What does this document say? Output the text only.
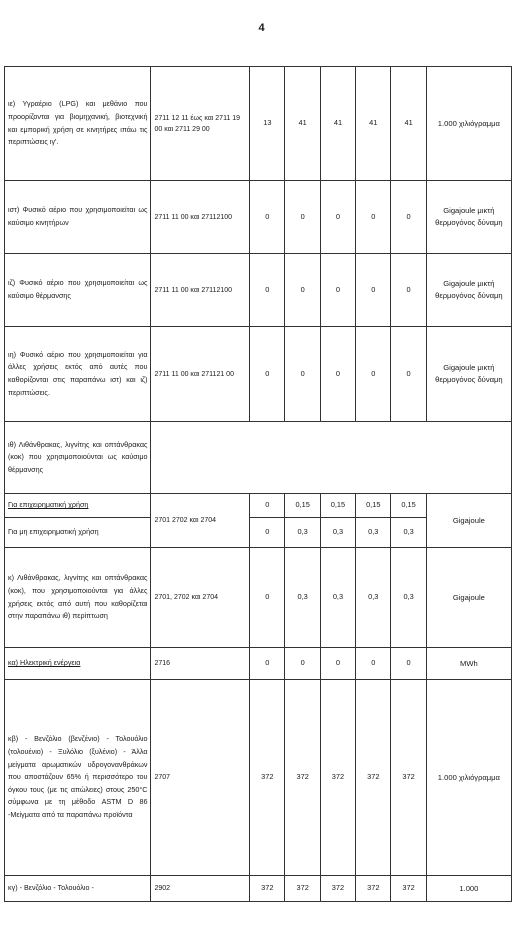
4
ιε) Υγραέριο (LPG) και μεθάνιο που προορίζονται για βιομηχανική, βιοτεχνική και εμπορική χρήση σε κινητήρες ιπάω τις περιπτώσεις ιγ'.	2711 12 11 έως και 2711 19 00 και 2711 29 00	13	41	41	41	41	1.000 χιλιόγραμμα
ιστ) Φυσικό αέριο που χρησιμοποιείται ως καύσιμο κινητήρων	2711 11 00 και 27112100	0	0	0	0	0	Gigajoule μικτή θερμογόνος δύναμη
ιζ) Φυσικό αέριο που χρησιμοποιείται ως καύσιμο θέρμανσης	2711 11 00 και 27112100	0	0	0	0	0	Gigajoule μικτή θερμογόνος δύναμη
ιη) Φυσικό αέριο που χρησιμοποιείται για άλλες χρήσεις εκτός από αυτές που καθορίζονται στις παραπάνω ιστ) και ιζ) περιπτώσεις.	2711 11 00 και 271121 00	0	0	0	0	0	Gigajoule μικτή θερμογόνος δύναμη
ιθ) Λιθάνθρακας, λιγνίτης και οπτάνθρακας (κοκ) που χρησιμοποιούνται ως καύσιμο θέρμανσης							
Για επιχειρηματική χρήση	2701 2702 και 2704	0	0,15	0,15	0,15	0,15	Gigajoule
Για μη επιχειρηματική χρήση		0	0,3	0,3	0,3	0,3	
κ) Λιθάνθρακας, λιγνίτης και οπτάνθρακας (κοκ), που χρησιμοποιούνται για άλλες χρήσεις εκτός από αυτή που καθορίζεται στην παραπάνω ιθ) περίπτωση	2701, 2702 και 2704	0	0,3	0,3	0,3	0,3	Gigajoule
κα) Ηλεκτρική ενέργεια	2716	0	0	0	0	0	MWh
κβ) - Βενζόλιο (βενζένιο) - Τολουόλιο (τολουένιο) - Ξυλόλιο (ξυλένιο) - Άλλα μείγματα αρωματικών υδρογονανθράκων που αποστάζουν 65% ή περισσότερο του όγκου τους (με τις απώλειες) στους 250°C σύμφωνα με τη μέθοδο ASTM D 86 -Μείγματα από τα παραπάνω προϊόντα	2707	372	372	372	372	372	1.000 χιλιόγραμμα
κγ) - Βενζόλιο - Τολουόλιο -	2902	372	372	372	372	372	1.000
